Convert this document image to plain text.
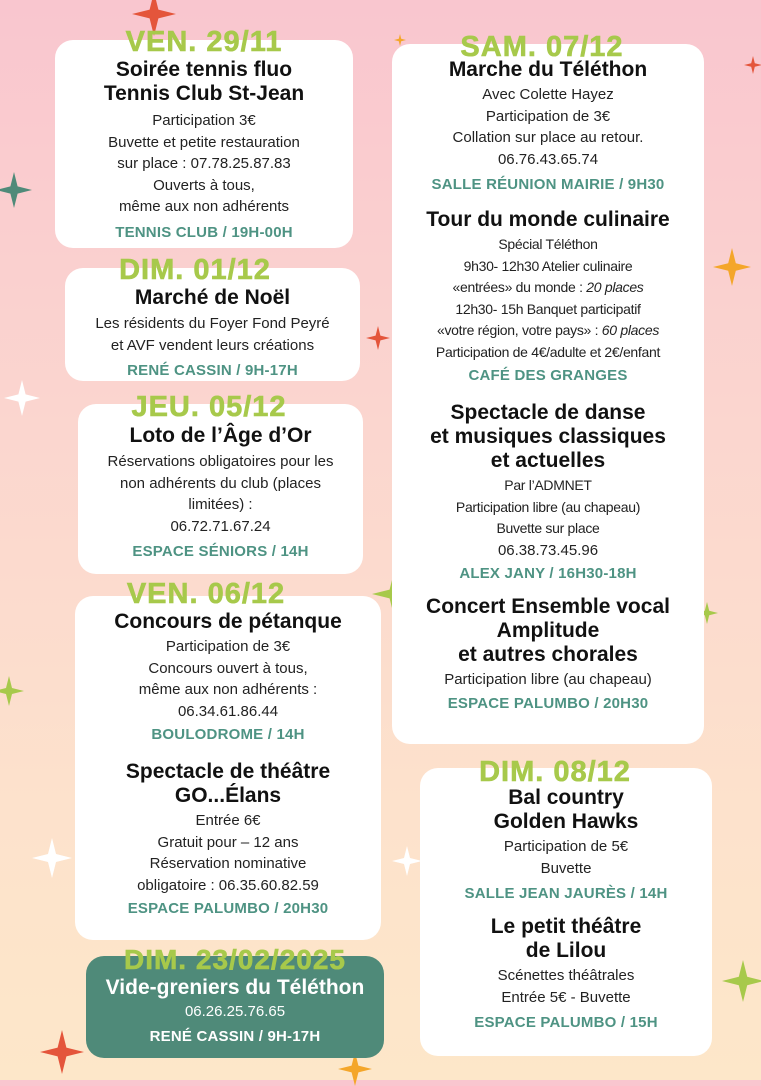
Soirée tennis fluo
Tennis Club St-Jean
Participation 3€
Buvette et petite restauration
sur place : 07.78.25.87.83
Ouverts à tous,
même aux non adhérents
TENNIS CLUB / 19H-00H
VEN. 29/11
Marché de Noël
Les résidents du Foyer Fond Peyré
et AVF vendent leurs créations
RENÉ CASSIN / 9H-17H
DIM. 01/12
Loto de l’Âge d’Or
Réservations obligatoires pour les
non adhérents du club (places
limitées) :
06.72.71.67.24
ESPACE SÉNIORS / 14H
JEU. 05/12
Concours de pétanque
Participation de 3€
Concours ouvert à tous,
même aux non adhérents :
06.34.61.86.44
BOULODROME / 14H
Spectacle de théâtre
GO...Élans
Entrée 6€
Gratuit pour – 12 ans
Réservation nominative
obligatoire : 06.35.60.82.59
ESPACE PALUMBO / 20H30
VEN. 06/12
Vide-greniers du Téléthon
06.26.25.76.65
RENÉ CASSIN / 9H-17H
DIM. 23/02/2025
Marche du Téléthon
Avec Colette Hayez
Participation de 3€
Collation sur place au retour.
06.76.43.65.74
SALLE RÉUNION MAIRIE / 9H30
Tour du monde culinaire
Spécial Téléthon
9h30- 12h30 Atelier culinaire
«entrées» du monde : 20 places
12h30- 15h Banquet participatif
«votre région, votre pays» : 60 places
Participation de 4€/adulte et 2€/enfant
CAFÉ DES GRANGES
Spectacle de danse
et musiques classiques
et actuelles
Par l’ADMNET
Participation libre (au chapeau)
Buvette sur place
06.38.73.45.96
ALEX JANY / 16H30-18H
Concert Ensemble vocal
Amplitude
et autres chorales
Participation libre (au chapeau)
ESPACE PALUMBO / 20H30
SAM. 07/12
Bal country
Golden Hawks
Participation de 5€
Buvette
SALLE JEAN JAURÈS / 14H
Le petit théâtre
de Lilou
Scénettes théâtrales
Entrée 5€ - Buvette
ESPACE PALUMBO / 15H
DIM. 08/12
